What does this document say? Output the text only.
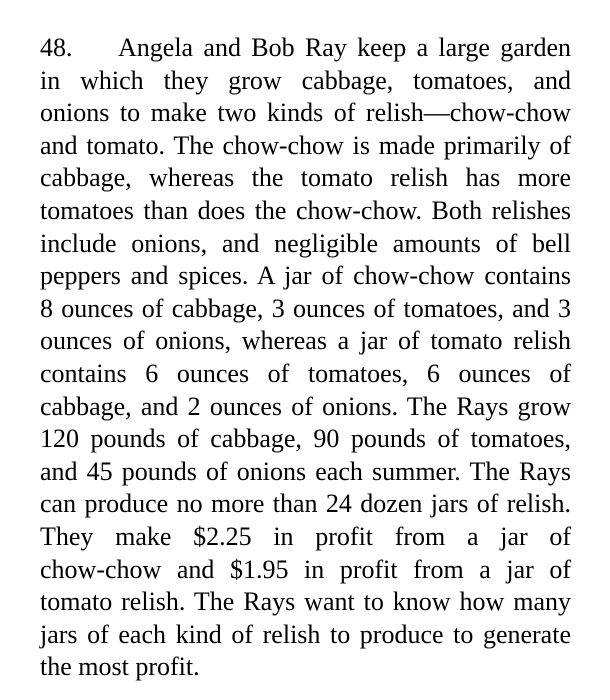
48. Angela and Bob Ray keep a large garden
in which they grow cabbage, tomatoes, and
onions to make two kinds of relish—chow-chow
and tomato. The chow-chow is made primarily of
cabbage, whereas the tomato relish has more
tomatoes than does the chow-chow. Both relishes
include onions, and negligible amounts of bell
peppers and spices. A jar of chow-chow contains
8 ounces of cabbage, 3 ounces of tomatoes, and 3
ounces of onions, whereas a jar of tomato relish
contains 6 ounces of tomatoes, 6 ounces of
cabbage, and 2 ounces of onions. The Rays grow
120 pounds of cabbage, 90 pounds of tomatoes,
and 45 pounds of onions each summer. The Rays
can produce no more than 24 dozen jars of relish.
They make $2.25 in profit from a jar of
chow-chow and $1.95 in profit from a jar of
tomato relish. The Rays want to know how many
jars of each kind of relish to produce to generate
the most profit.
